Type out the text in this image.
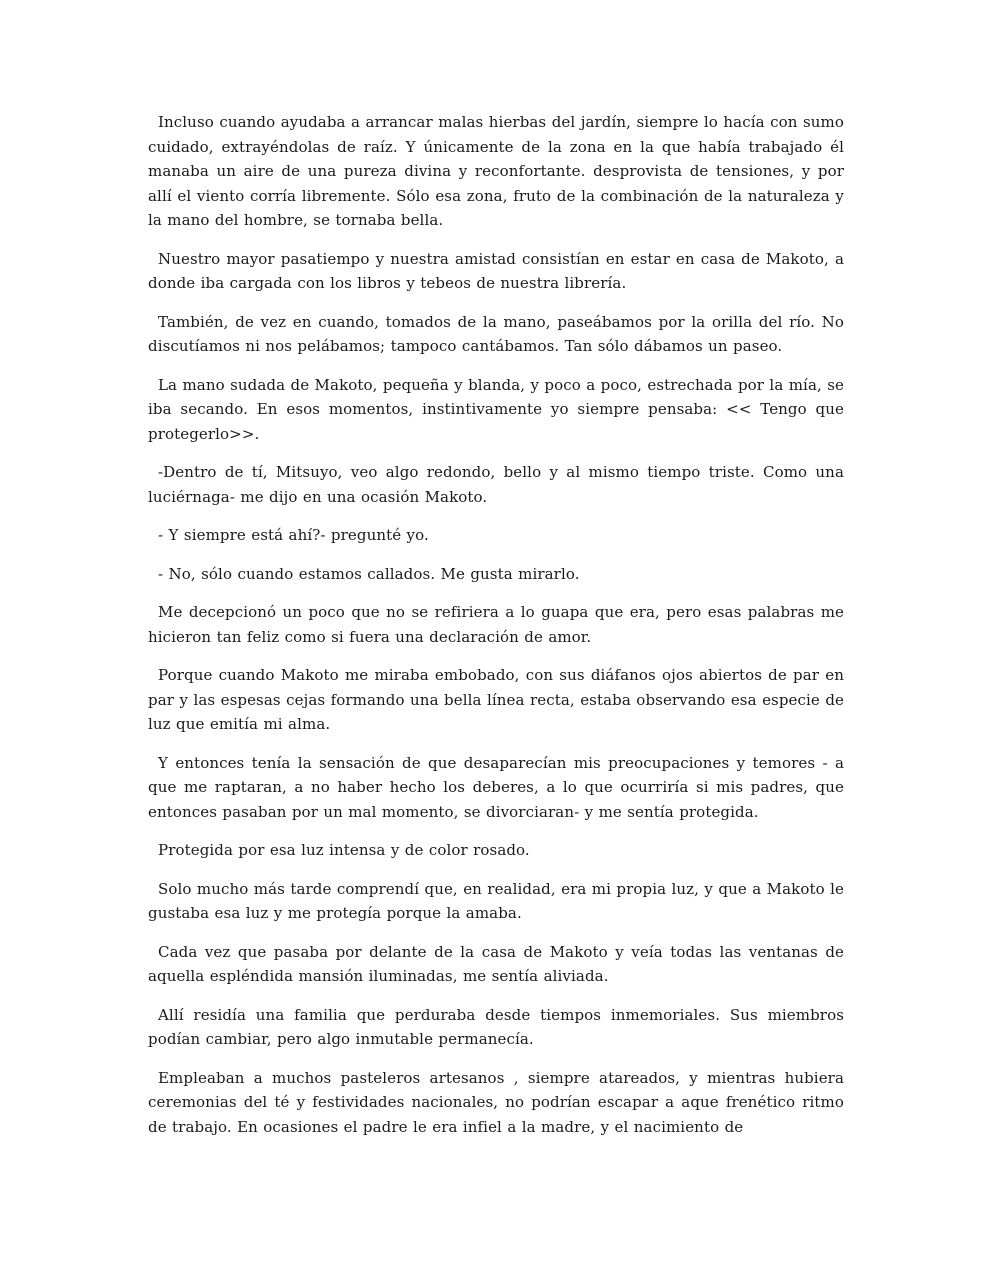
Incluso cuando ayudaba a arrancar malas hierbas del jardín, siempre lo hacía con sumo cuidado, extrayéndolas de raíz. Y únicamente de la zona en la que había trabajado él manaba un aire de una pureza divina y reconfortante. desprovista de tensiones, y por allí el viento corría libremente. Sólo esa zona, fruto de la combinación de la naturaleza y la mano del hombre, se tornaba bella.

Nuestro mayor pasatiempo y nuestra amistad consistían en estar en casa de Makoto, a donde iba cargada con los libros y tebeos de nuestra librería.

También, de vez en cuando, tomados de la mano, paseábamos por la orilla del río. No discutíamos ni nos pelábamos; tampoco cantábamos. Tan sólo dábamos un paseo.

La mano sudada de Makoto, pequeña y blanda, y poco a poco, estrechada por la mía, se iba secando. En esos momentos, instintivamente yo siempre pensaba: << Tengo que protegerlo>>.

-Dentro de tí, Mitsuyo, veo algo redondo, bello y al mismo tiempo triste. Como una luciérnaga- me dijo en una ocasión Makoto.

- Y siempre está ahí?- pregunté yo.

- No, sólo cuando estamos callados. Me gusta mirarlo.

Me decepcionó un poco que no se refiriera a lo guapa que era, pero esas palabras me hicieron tan feliz como si fuera una declaración de amor.

Porque cuando Makoto me miraba embobado, con sus diáfanos ojos abiertos de par en par y las espesas cejas formando una bella línea recta, estaba observando esa especie de luz que emitía mi alma.

Y entonces tenía la sensación de que desaparecían mis preocupaciones y temores - a que me raptaran, a no haber hecho los deberes, a lo que ocurriría si mis padres, que entonces pasaban por un mal momento, se divorciaran- y me sentía protegida.

Protegida por esa luz intensa y de color rosado.

Solo mucho más tarde comprendí que, en realidad, era mi propia luz, y que a Makoto le gustaba esa luz y me protegía porque la amaba.

Cada vez que pasaba por delante de la casa de Makoto y veía todas las ventanas de aquella espléndida mansión iluminadas, me sentía aliviada.

Allí residía una familia que perduraba desde tiempos inmemoriales. Sus miembros podían cambiar, pero algo inmutable permanecía.

Empleaban a muchos pasteleros artesanos , siempre atareados, y mientras hubiera ceremonias del té y festividades nacionales, no podrían escapar a aque frenético ritmo de trabajo. En ocasiones el padre le era infiel a la madre, y el nacimiento de
